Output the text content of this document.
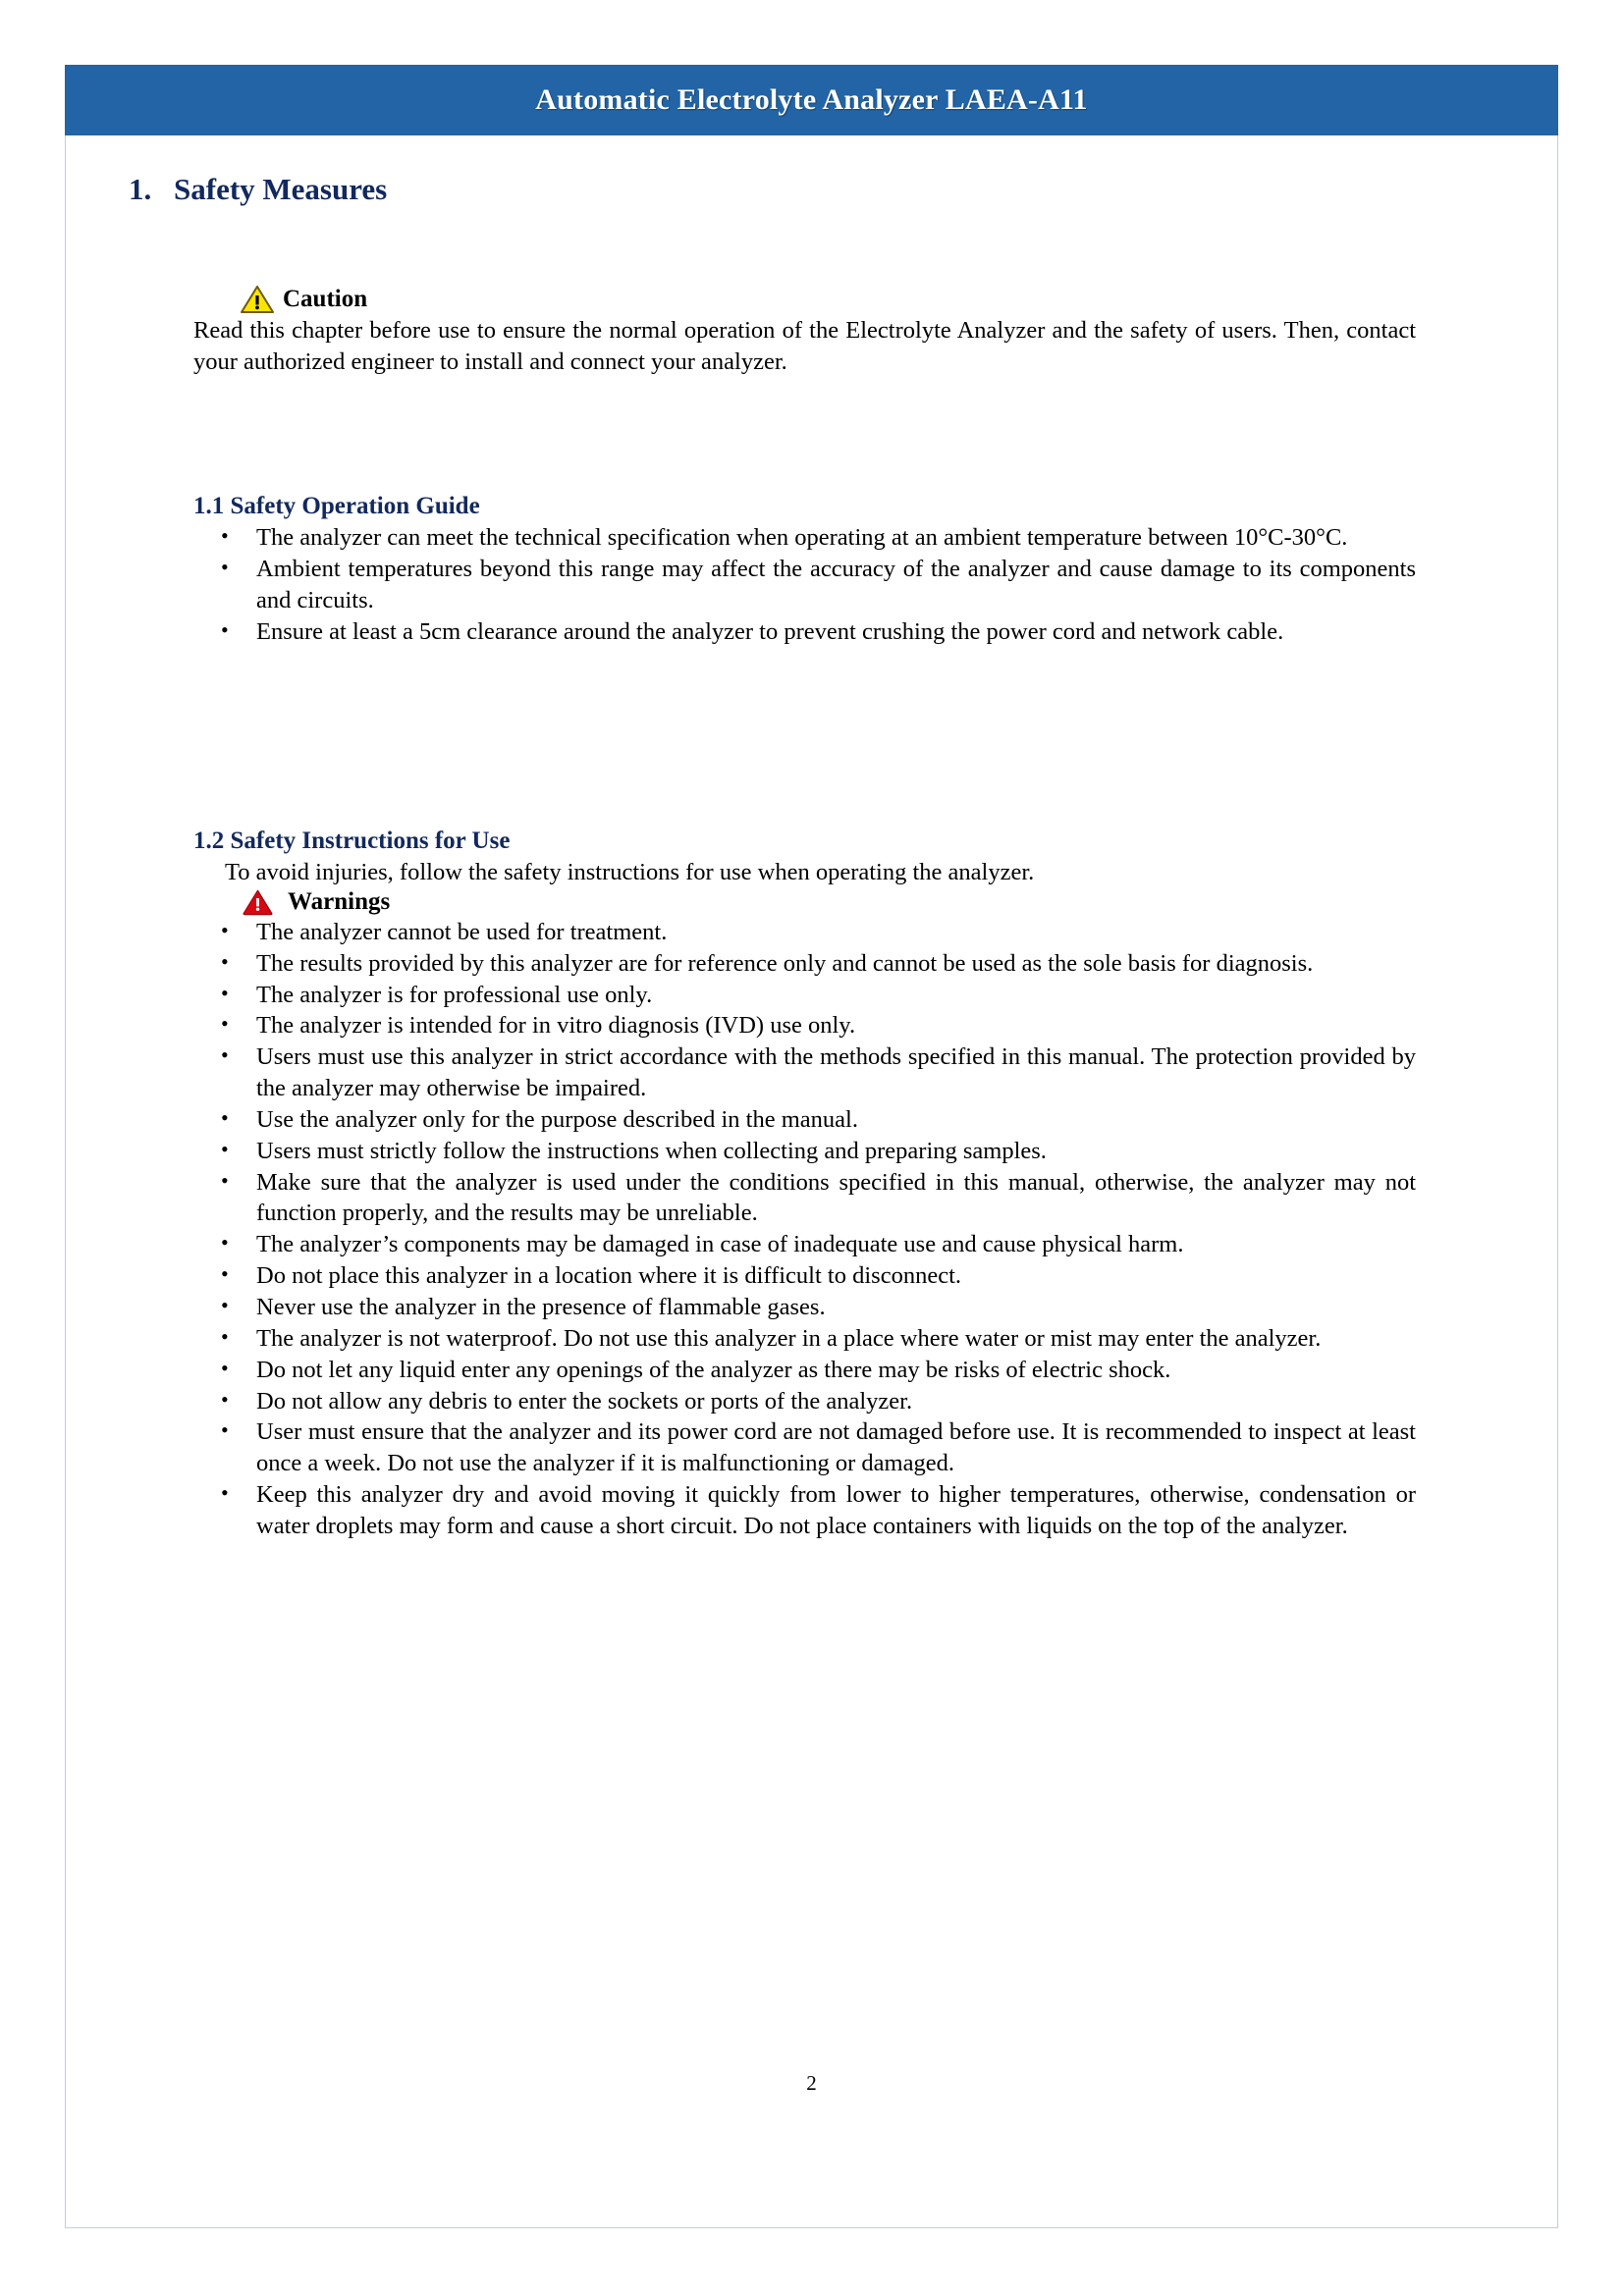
Automatic Electrolyte Analyzer LAEA-A11
1. Safety Measures
Caution

Read this chapter before use to ensure the normal operation of the Electrolyte Analyzer and the safety of users. Then, contact your authorized engineer to install and connect your analyzer.

1.1 Safety Operation Guide
• The analyzer can meet the technical specification when operating at an ambient temperature between 10°C-30°C.
• Ambient temperatures beyond this range may affect the accuracy of the analyzer and cause damage to its components and circuits.
• Ensure at least a 5cm clearance around the analyzer to prevent crushing the power cord and network cable.
1.2 Safety Instructions for Use

To avoid injuries, follow the safety instructions for use when operating the analyzer.

Warnings
• The analyzer cannot be used for treatment.
• The results provided by this analyzer are for reference only and cannot be used as the sole basis for diagnosis.
• The analyzer is for professional use only.
• The analyzer is intended for in vitro diagnosis (IVD) use only.
• Users must use this analyzer in strict accordance with the methods specified in this manual. The protection provided by the analyzer may otherwise be impaired.
• Use the analyzer only for the purpose described in the manual.
• Users must strictly follow the instructions when collecting and preparing samples.
• Make sure that the analyzer is used under the conditions specified in this manual, otherwise, the analyzer may not function properly, and the results may be unreliable.
• The analyzer’s components may be damaged in case of inadequate use and cause physical harm.
• Do not place this analyzer in a location where it is difficult to disconnect.
• Never use the analyzer in the presence of flammable gases.
• The analyzer is not waterproof. Do not use this analyzer in a place where water or mist may enter the analyzer.
• Do not let any liquid enter any openings of the analyzer as there may be risks of electric shock.
• Do not allow any debris to enter the sockets or ports of the analyzer.
• User must ensure that the analyzer and its power cord are not damaged before use. It is recommended to inspect at least once a week. Do not use the analyzer if it is malfunctioning or damaged.
• Keep this analyzer dry and avoid moving it quickly from lower to higher temperatures, otherwise, condensation or water droplets may form and cause a short circuit. Do not place containers with liquids on the top of the analyzer.
2
